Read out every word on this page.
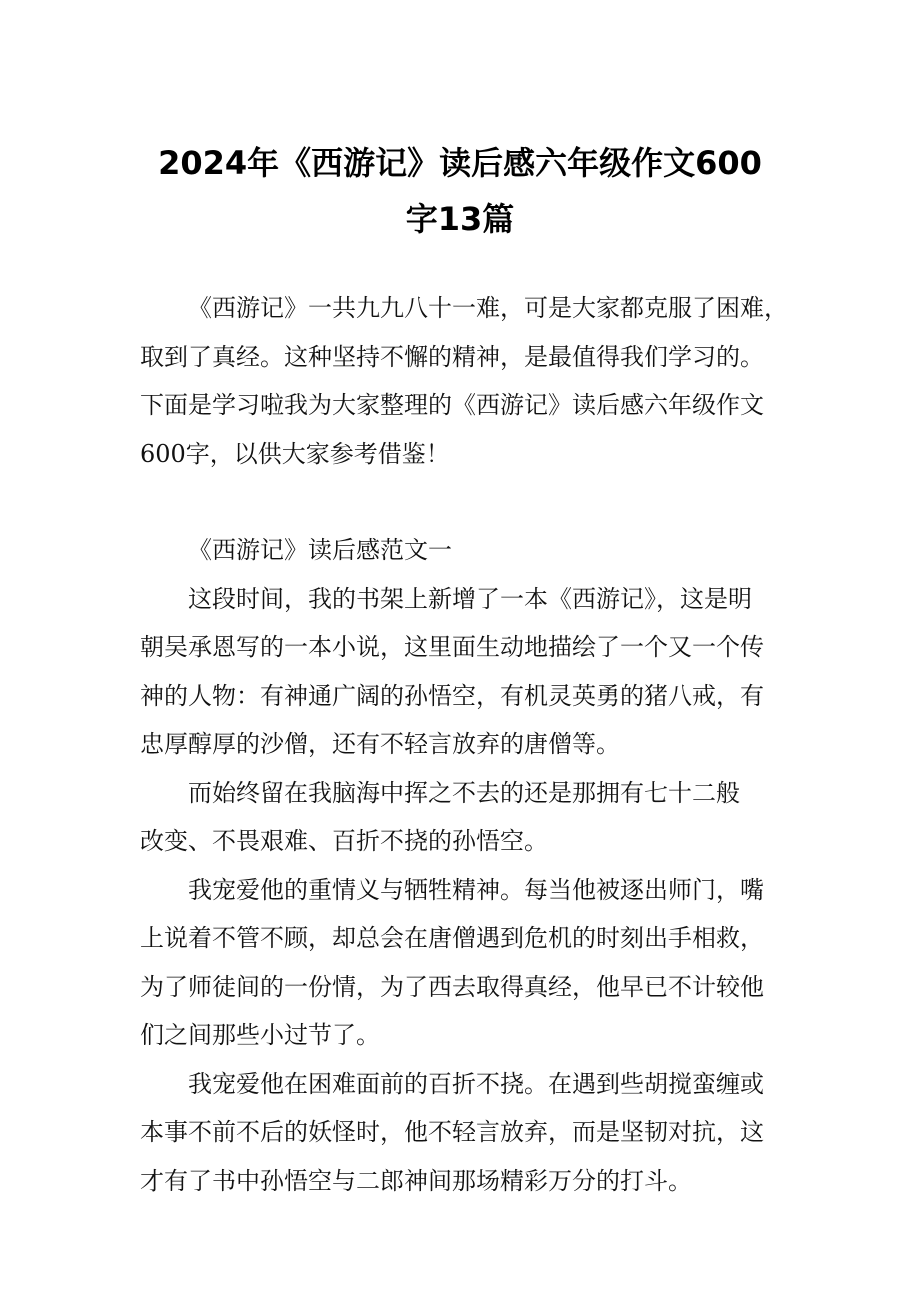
2024年《西游记》读后感六年级作文600
字13篇
《西游记》一共九九八十一难，可是大家都克服了困难，
取到了真经。这种坚持不懈的精神，是最值得我们学习的。
下面是学习啦我为大家整理的《西游记》读后感六年级作文
600字，以供大家参考借鉴！
《西游记》读后感范文一
这段时间，我的书架上新增了一本《西游记》，这是明
朝吴承恩写的一本小说，这里面生动地描绘了一个又一个传
神的人物：有神通广阔的孙悟空，有机灵英勇的猪八戒，有
忠厚醇厚的沙僧，还有不轻言放弃的唐僧等。
而始终留在我脑海中挥之不去的还是那拥有七十二般
改变、不畏艰难、百折不挠的孙悟空。
我宠爱他的重情义与牺牲精神。每当他被逐出师门，嘴
上说着不管不顾，却总会在唐僧遇到危机的时刻出手相救，
为了师徒间的一份情，为了西去取得真经，他早已不计较他
们之间那些小过节了。
我宠爱他在困难面前的百折不挠。在遇到些胡搅蛮缠或
本事不前不后的妖怪时，他不轻言放弃，而是坚韧对抗，这
才有了书中孙悟空与二郎神间那场精彩万分的打斗。
